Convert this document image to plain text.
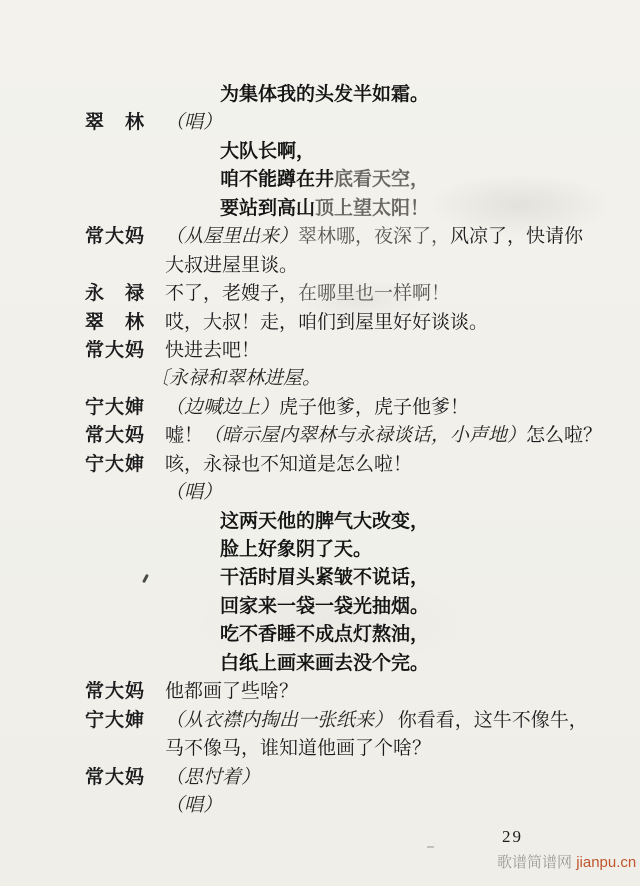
为集体我的头发半如霜。
翠　林 （唱）
大队长啊，
咱不能蹲在井底看天空，
要站到高山顶上望太阳！
常大妈 （从屋里出来）翠林哪，夜深了，风凉了，快请你
大叔进屋里谈。
永　禄 不了，老嫂子，在哪里也一样啊！
翠　林 哎，大叔！走，咱们到屋里好好谈谈。
常大妈 快进去吧！
〔永禄和翠林进屋。
宁大婶 （边喊边上）虎子他爹，虎子他爹！
常大妈 嘘！（暗示屋内翠林与永禄谈话，小声地）怎么啦？
宁大婶 咳，永禄也不知道是怎么啦！
（唱）
这两天他的脾气大改变，
脸上好象阴了天。
干活时眉头紧皱不说话，
回家来一袋一袋光抽烟。
吃不香睡不成点灯熬油，
白纸上画来画去没个完。
常大妈 他都画了些啥？
宁大婶 （从衣襟内掏出一张纸来） 你看看，这牛不像牛，
马不像马，谁知道他画了个啥？
常大妈 （思忖着）
（唱）
29
歌谱简谱网 jianpu.cn
